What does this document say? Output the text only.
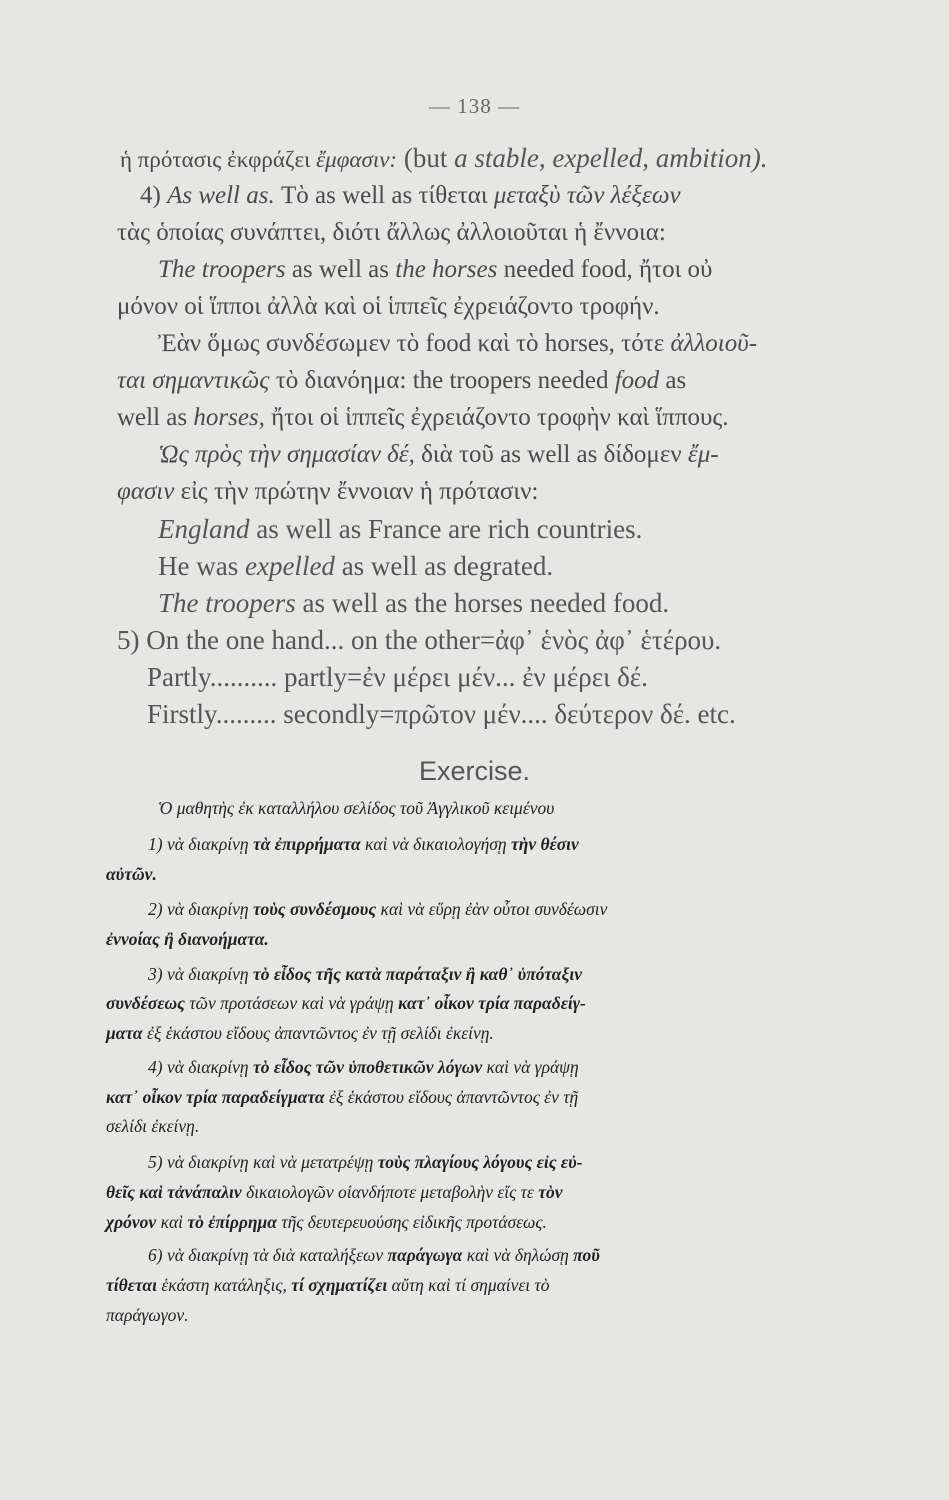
— 138 —
ἡ πρότασις ἐκφράζει ἔμφασιν: (but a stable, expelled, ambition).
4) As well as. Τὸ as well as τίθεται μεταξὺ τῶν λέξεων
τὰς ὁποίας συνάπτει, διότι ἄλλως ἀλλοιοῦται ἡ ἔννοια:
The troopers as well as the horses needed food, ἤτοι οὐ
μόνον οἱ ἵπποι ἀλλὰ καὶ οἱ ἱππεῖς ἐχρειάζοντο τροφήν.
Ἐὰν ὅμως συνδέσωμεν τὸ food καὶ τὸ horses, τότε ἀλλοιοῦ-
ται σημαντικῶς τὸ διανόημα: the troopers needed food as
well as horses, ἤτοι οἱ ἱππεῖς ἐχρειάζοντο τροφὴν καὶ ἵππους.
Ὡς πρὸς τὴν σημασίαν δέ, διὰ τοῦ as well as δίδομεν ἔμ-
φασιν εἰς τὴν πρώτην ἔννοιαν ἡ πρότασιν:
England as well as France are rich countries.
He was expelled as well as degrated.
The troopers as well as the horses needed food.
5) On the one hand... on the other=ἀφ᾽ ἑνὸς ἀφ᾽ ἑτέρου.
Partly.......... partly=ἐν μέρει μέν... ἐν μέρει δέ.
Firstly......... secondly=πρῶτον μέν.... δεύτερον δέ. etc.
Exercise.
Ὁ μαθητὴς ἐκ καταλλήλου σελίδος τοῦ Ἀγγλικοῦ κειμένου
1) νὰ διακρίνῃ τὰ ἐπιρρήματα καὶ νὰ δικαιολογήσῃ τὴν θέσιν
αὐτῶν.
2) νὰ διακρίνῃ τοὺς συνδέσμους καὶ νὰ εὕρῃ ἐὰν οὗτοι συνδέωσιν
ἐννοίας ἢ διανοήματα.
3) νὰ διακρίνῃ τὸ εἶδος τῆς κατὰ παράταξιν ἢ καθ᾽ ὑπόταξιν
συνδέσεως τῶν προτάσεων καὶ νὰ γράψῃ κατ᾽ οἶκον τρία παραδείγ-
ματα ἐξ ἑκάστου εἴδους ἀπαντῶντος ἐν τῇ σελίδι ἐκείνῃ.
4) νὰ διακρίνῃ τὸ εἶδος τῶν ὑποθετικῶν λόγων καὶ νὰ γράψῃ
κατ᾽ οἶκον τρία παραδείγματα ἐξ ἑκάστου εἴδους ἀπαντῶντος ἐν τῇ
σελίδι ἐκείνῃ.
5) νὰ διακρίνῃ καὶ νὰ μετατρέψῃ τοὺς πλαγίους λόγους εἰς εὐ-
θεῖς καὶ τἀνάπαλιν δικαιολογῶν οἱανδήποτε μεταβολὴν εἴς τε τὸν
χρόνον καὶ τὸ ἐπίρρημα τῆς δευτερευούσης εἰδικῆς προτάσεως.
6) νὰ διακρίνῃ τὰ διὰ καταλήξεων παράγωγα καὶ νὰ δηλώσῃ ποῦ
τίθεται ἑκάστη κατάληξις, τί σχηματίζει αὔτη καὶ τί σημαίνει τὸ
παράγωγον.
